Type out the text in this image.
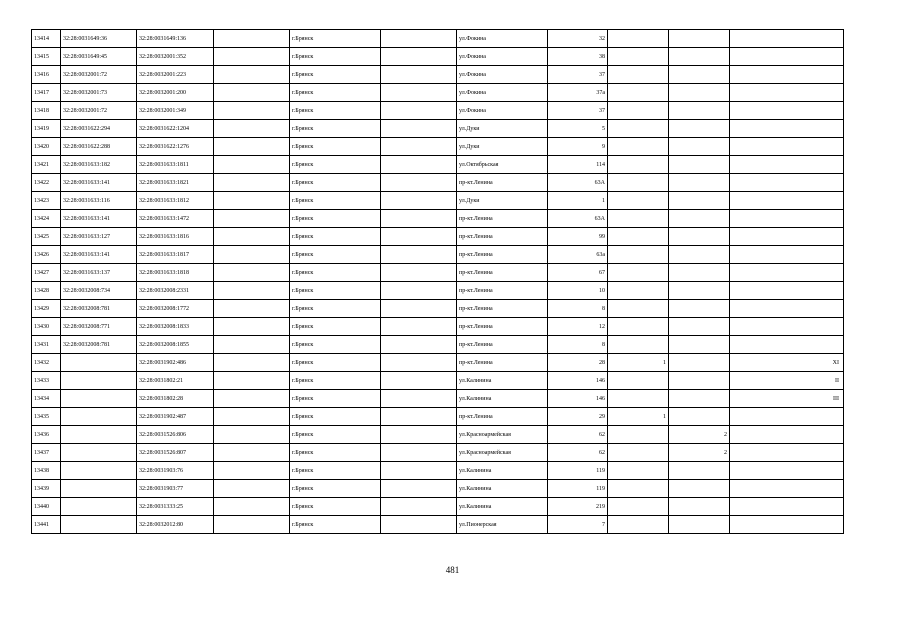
13414	32:28:0031649:36	32:28:0031649:136		г.Брянск		ул.Фокина	32			
13415	32:28:0031649:45	32:28:0032001:352		г.Брянск		ул.Фокина	38			
13416	32:28:0032001:72	32:28:0032001:223		г.Брянск		ул.Фокина	37			
13417	32:28:0032001:73	32:28:0032001:200		г.Брянск		ул.Фокина	37а			
13418	32:28:0032001:72	32:28:0032001:349		г.Брянск		ул.Фокина	37			
13419	32:28:0031622:294	32:28:0031622:1204		г.Брянск		ул.Дуки	5			
13420	32:28:0031622:288	32:28:0031622:1276		г.Брянск		ул.Дуки	9			
13421	32:28:0031633:182	32:28:0031633:1811		г.Брянск		ул.Октябрьская	114			
13422	32:28:0031633:141	32:28:0031633:1821		г.Брянск		пр-кт.Ленина	63А			
13423	32:28:0031633:116	32:28:0031633:1812		г.Брянск		ул.Дуки	1			
13424	32:28:0031633:141	32:28:0031633:1472		г.Брянск		пр-кт.Ленина	63А			
13425	32:28:0031633:127	32:28:0031633:1816		г.Брянск		пр-кт.Ленина	99			
13426	32:28:0031633:141	32:28:0031633:1817		г.Брянск		пр-кт.Ленина	63а			
13427	32:28:0031633:137	32:28:0031633:1818		г.Брянск		пр-кт.Ленина	67			
13428	32:28:0032008:734	32:28:0032008:2331		г.Брянск		пр-кт.Ленина	10			
13429	32:28:0032008:781	32:28:0032008:1772		г.Брянск		пр-кт.Ленина	8			
13430	32:28:0032008:771	32:28:0032008:1833		г.Брянск		пр-кт.Ленина	12			
13431	32:28:0032008:781	32:28:0032008:1855		г.Брянск		пр-кт.Ленина	8			
13432		32:28:0031902:486		г.Брянск		пр-кт.Ленина	28	1		XI
13433		32:28:0031802:21		г.Брянск		ул.Калинина	146			II
13434		32:28:0031802:28		г.Брянск		ул.Калинина	146			III
13435		32:28:0031902:487		г.Брянск		пр-кт.Ленина	29	1		
13436		32:28:0031526:806		г.Брянск		ул.Красноармейская	62		2	
13437		32:28:0031526:807		г.Брянск		ул.Красноармейская	62		2	
13438		32:28:0031903:76		г.Брянск		ул.Калинина	119			
13439		32:28:0031903:77		г.Брянск		ул.Калинина	119			
13440		32:28:0031333:25		г.Брянск		ул.Калинина	219			
13441		32:28:0032012:80		г.Брянск		ул.Пионерская	7			
481
